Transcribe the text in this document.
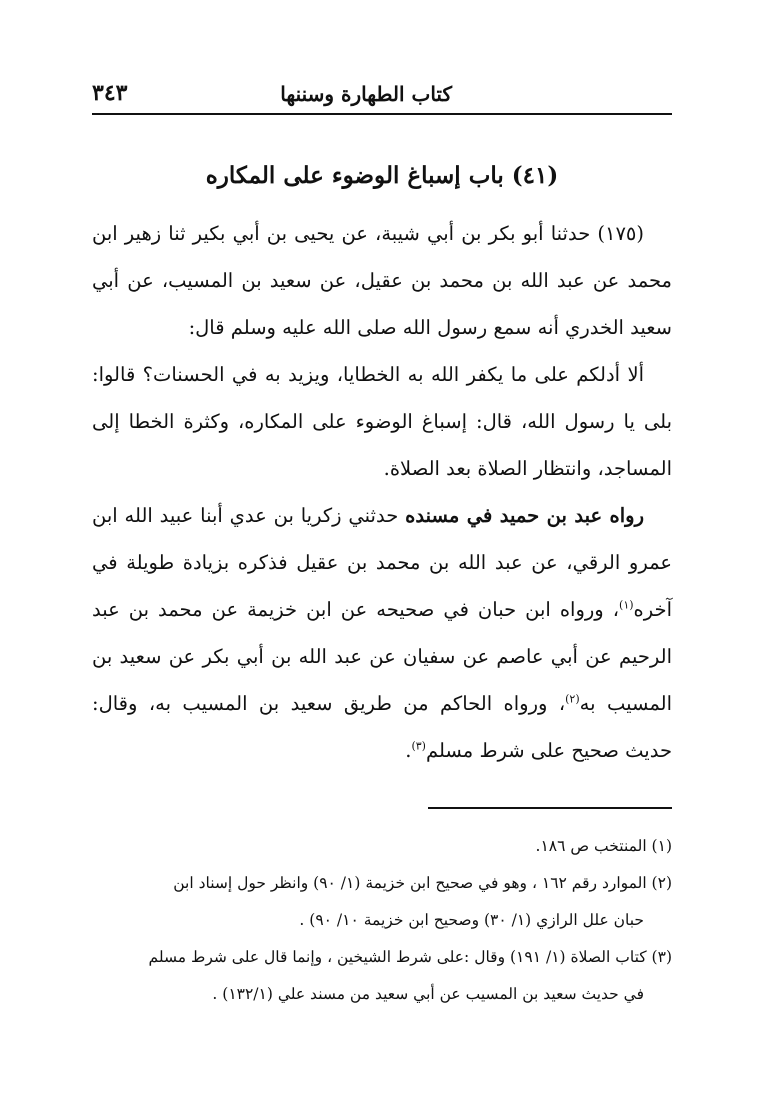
كتاب الطهارة وسننها
٣٤٣
(٤١) باب إسباغ الوضوء على المكاره

(١٧٥) حدثنا أبو بكر بن أبي شيبة، عن يحيى بن أبي بكير ثنا زهير ابن محمد عن عبد الله بن محمد بن عقيل، عن سعيد بن المسيب، عن أبي سعيد الخدري أنه سمع رسول الله صلى الله عليه وسلم قال:

ألا أدلكم على ما يكفر الله به الخطايا، ويزيد به في الحسنات؟ قالوا: بلى يا رسول الله، قال: إسباغ الوضوء على المكاره، وكثرة الخطا إلى المساجد، وانتظار الصلاة بعد الصلاة.

رواه عبد بن حميد في مسنده حدثني زكريا بن عدي أبنا عبيد الله ابن عمرو الرقي، عن عبد الله بن محمد بن عقيل فذكره بزيادة طويلة في آخره$^{(١)}$، ورواه ابن حبان في صحيحه عن ابن خزيمة عن محمد بن عبد الرحيم عن أبي عاصم عن سفيان عن عبد الله بن أبي بكر عن سعيد بن المسيب به$^{(٢)}$، ورواه الحاكم من طريق سعيد بن المسيب به، وقال: حديث صحيح على شرط مسلم$^{(٣)}$.

(١) المنتخب ص ١٨٦.

(٢) الموارد رقم ١٦٢ ، وهو في صحيح ابن خزيمة (١/ ٩٠) وانظر حول إسناد ابن

حبان علل الرازي (١/ ٣٠) وصحيح ابن خزيمة ١٠/ ٩٠) .

(٣) كتاب الصلاة (١/ ١٩١) وقال :على شرط الشيخين ، وإنما قال على شرط مسلم

في حديث سعيد بن المسيب عن أبي سعيد من مسند علي (١٣٢/١) .
